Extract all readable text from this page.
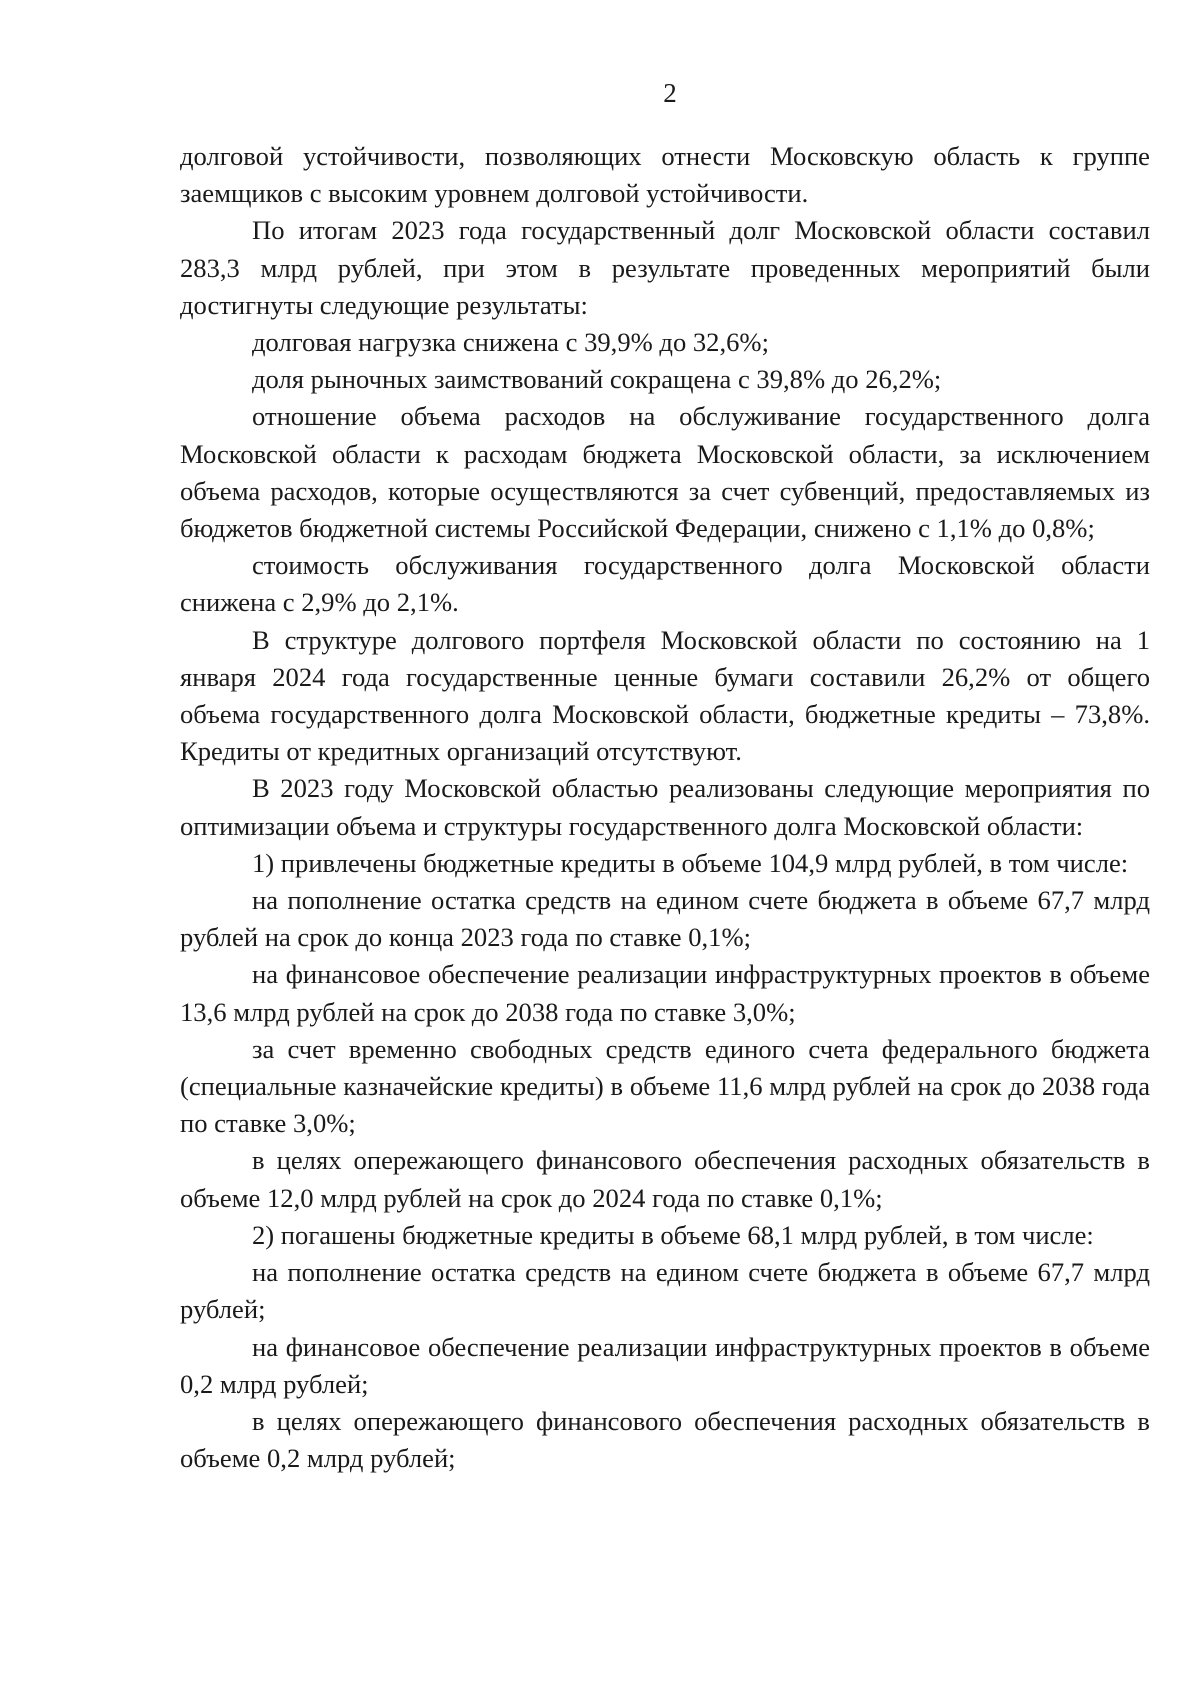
2

долговой устойчивости, позволяющих отнести Московскую область к группе заемщиков с высоким уровнем долговой устойчивости.

По итогам 2023 года государственный долг Московской области составил 283,3 млрд рублей, при этом в результате проведенных мероприятий были достигнуты следующие результаты:

долговая нагрузка снижена с 39,9% до 32,6%;

доля рыночных заимствований сокращена с 39,8% до 26,2%;

отношение объема расходов на обслуживание государственного долга Московской области к расходам бюджета Московской области, за исключением объема расходов, которые осуществляются за счет субвенций, предоставляемых из бюджетов бюджетной системы Российской Федерации, снижено с 1,1% до 0,8%;

стоимость обслуживания государственного долга Московской области снижена с 2,9% до 2,1%.

В структуре долгового портфеля Московской области по состоянию на 1 января 2024 года государственные ценные бумаги составили 26,2% от общего объема государственного долга Московской области, бюджетные кредиты – 73,8%. Кредиты от кредитных организаций отсутствуют.

В 2023 году Московской областью реализованы следующие мероприятия по оптимизации объема и структуры государственного долга Московской области:

1) привлечены бюджетные кредиты в объеме 104,9 млрд рублей, в том числе:

на пополнение остатка средств на едином счете бюджета в объеме 67,7 млрд рублей на срок до конца 2023 года по ставке 0,1%;

на финансовое обеспечение реализации инфраструктурных проектов в объеме 13,6 млрд рублей на срок до 2038 года по ставке 3,0%;

за счет временно свободных средств единого счета федерального бюджета (специальные казначейские кредиты) в объеме 11,6 млрд рублей на срок до 2038 года по ставке 3,0%;

в целях опережающего финансового обеспечения расходных обязательств в объеме 12,0 млрд рублей на срок до 2024 года по ставке 0,1%;

2) погашены бюджетные кредиты в объеме 68,1 млрд рублей, в том числе:

на пополнение остатка средств на едином счете бюджета в объеме 67,7 млрд рублей;

на финансовое обеспечение реализации инфраструктурных проектов в объеме 0,2 млрд рублей;

в целях опережающего финансового обеспечения расходных обязательств в объеме 0,2 млрд рублей;
